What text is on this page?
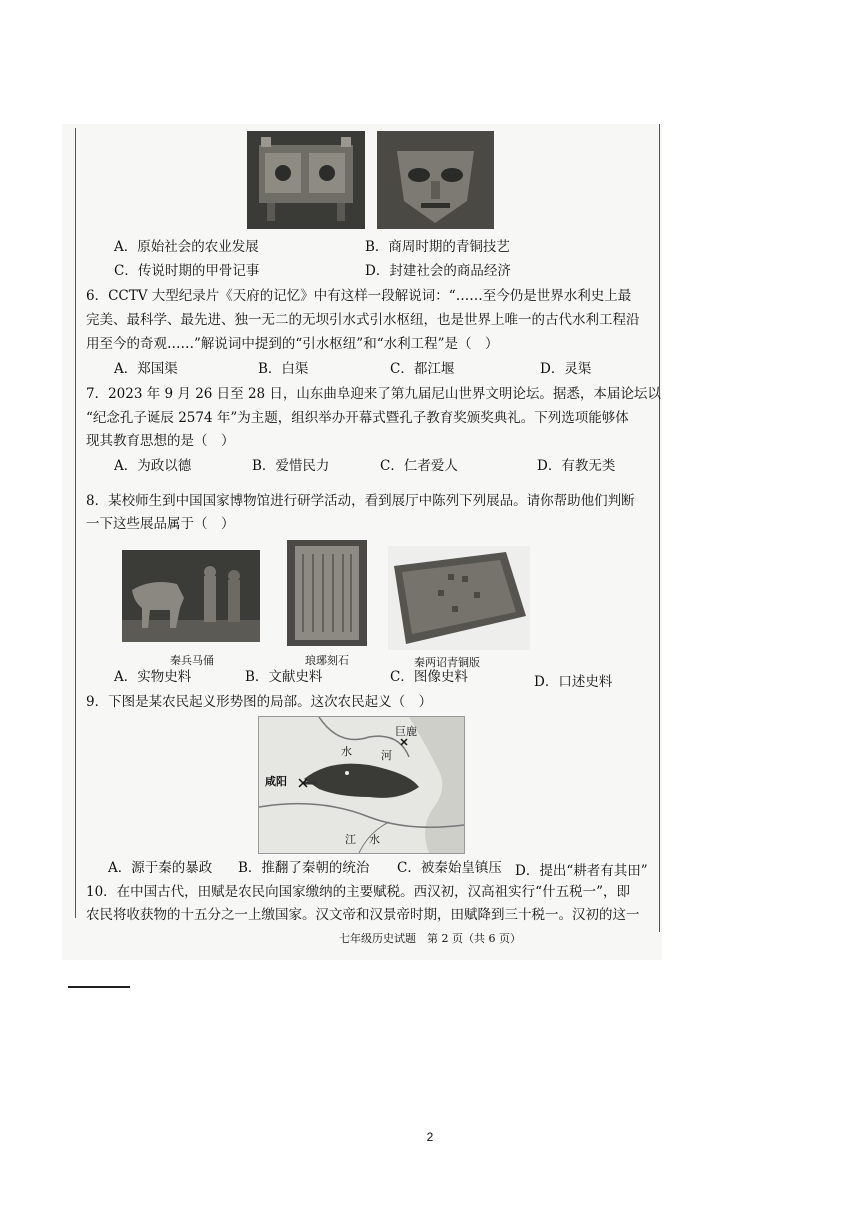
A．原始社会的农业发展	B．商周时期的青铜技艺
C．传说时期的甲骨记事	D．封建社会的商品经济
6．CCTV 大型纪录片《天府的记忆》中有这样一段解说词：“……至今仍是世界水利史上最
完美、最科学、最先进、独一无二的无坝引水式引水枢纽，也是世界上唯一的古代水利工程沿
用至今的奇观……”解说词中提到的“引水枢纽”和“水利工程”是（　）
A．郑国渠	B．白渠	C．都江堰	D．灵渠
7．2023 年 9 月 26 日至 28 日，山东曲阜迎来了第九届尼山世界文明论坛。据悉，本届论坛以
“纪念孔子诞辰 2574 年”为主题，组织举办开幕式暨孔子教育奖颁奖典礼。下列选项能够体
现其教育思想的是（　）
A．为政以德	B．爱惜民力	C．仁者爱人	D．有教无类
8．某校师生到中国国家博物馆进行研学活动，看到展厅中陈列下列展品。请你帮助他们判断
一下这些展品属于（　）
秦兵马俑	琅琊刻石	秦两诏青铜版
A．实物史料	B．文献史料	C．图像史料	D．口述史料
9．下图是某农民起义形势图的局部。这次农民起义（　）
咸阳
巨鹿
水	河
江 水
A．源于秦的暴政 B．推翻了秦朝的统治 C．被秦始皇镇压 D．提出“耕者有其田”
10．在中国古代，田赋是农民向国家缴纳的主要赋税。西汉初，汉高祖实行“什五税一”，即
农民将收获物的十五分之一上缴国家。汉文帝和汉景帝时期，田赋降到三十税一。汉初的这一
七年级历史试题　第 2 页（共 6 页）
2
